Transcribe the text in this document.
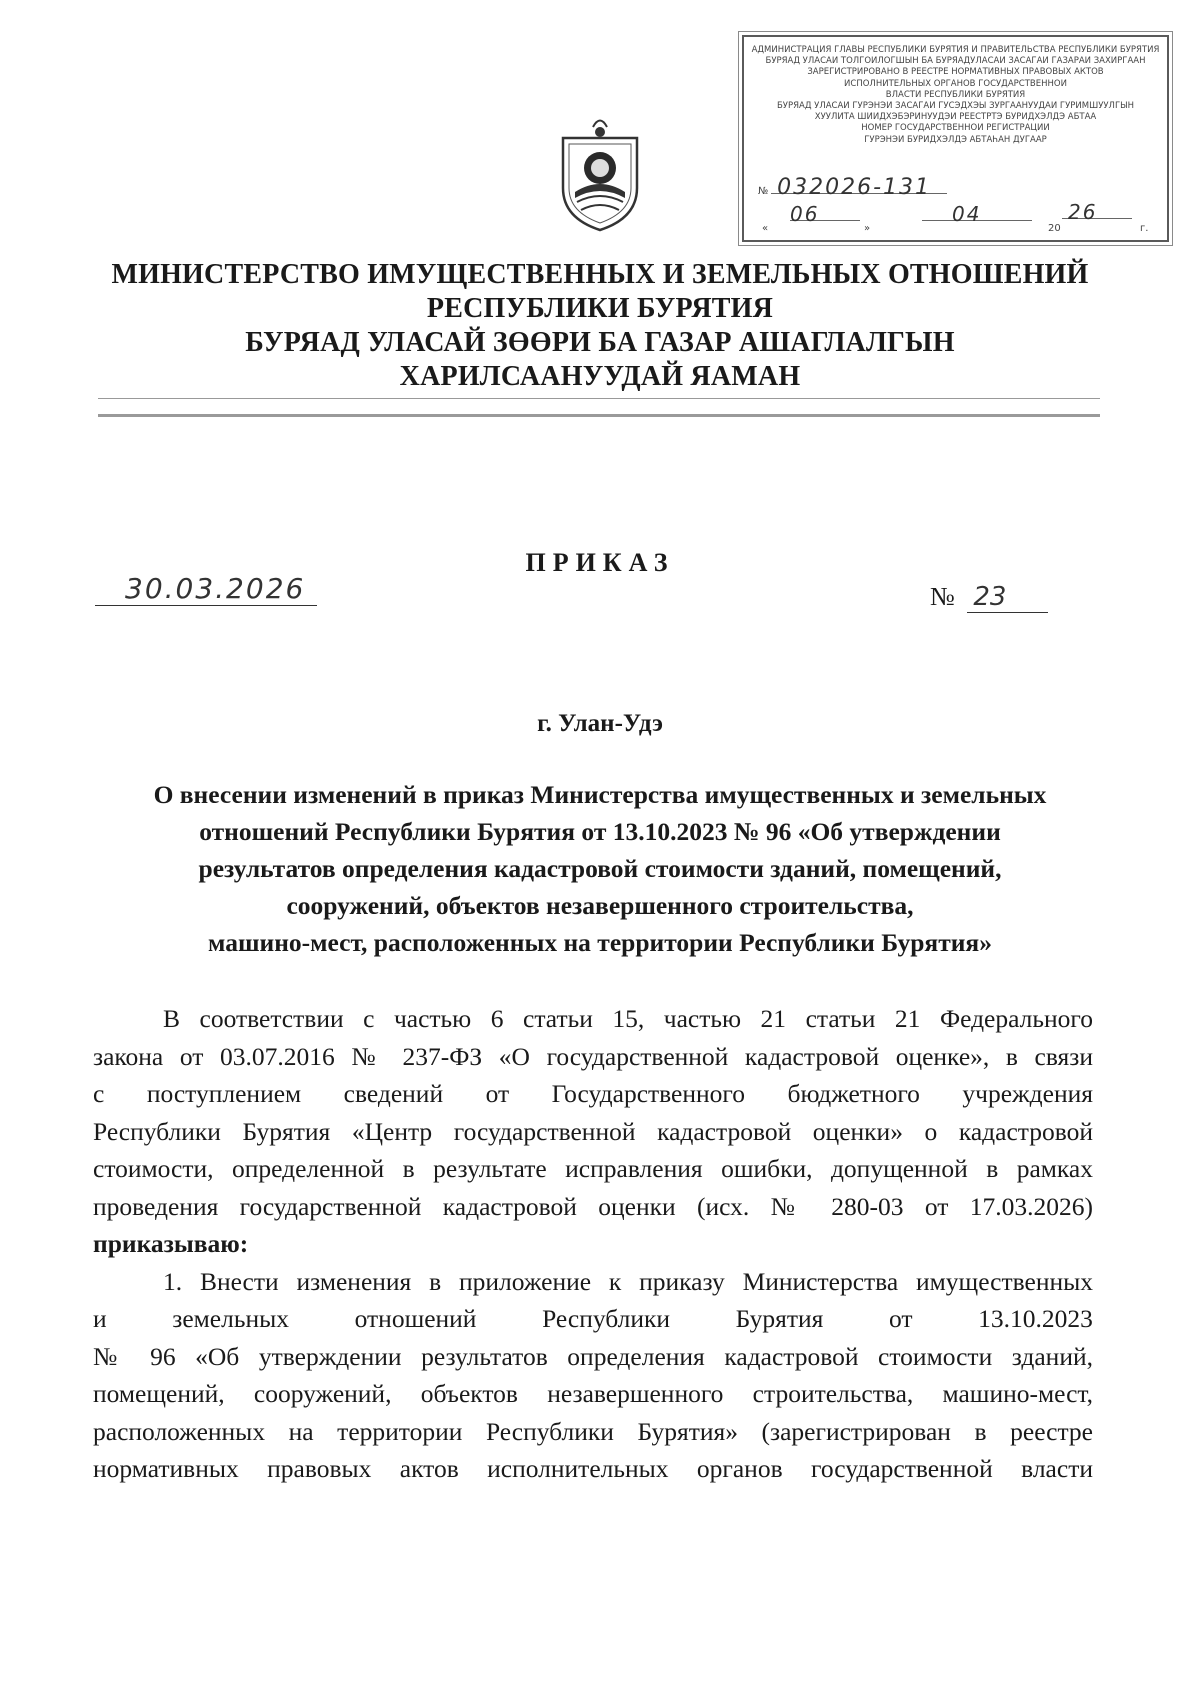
АДМИНИСТРАЦИЯ ГЛАВЫ РЕСПУБЛИКИ БУРЯТИЯ И ПРАВИТЕЛЬСТВА РЕСПУБЛИКИ БУРЯТИЯ
БУРЯАД УЛАСАЙ ТОЛГОЙЛОГШЫН БА БУРЯАДУЛАСАЙ ЗАСАГАЙ ГАЗАРАЙ ЗАХИРГААН
ЗАРЕГИСТРИРОВАНО В РЕЕСТРЕ НОРМАТИВНЫХ ПРАВОВЫХ АКТОВ
ИСПОЛНИТЕЛЬНЫХ ОРГАНОВ ГОСУДАРСТВЕННОЙ
ВЛАСТИ РЕСПУБЛИКИ БУРЯТИЯ
БУРЯАД УЛАСАЙ ГУРЭНЭЙ ЗАСАГАЙ ГУСЭДХЭЫ ЗУРГААНУУДАЙ ГУРИМШУУЛГЫН
ХУУЛИТА ШИИДХЭБЭРИНУУДЭЙ РЕЕСТРТЭ БУРИДХЭЛДЭ АБТАА
НОМЕР ГОСУДАРСТВЕННОЙ РЕГИСТРАЦИИ
ГУРЭНЭЙ БУРИДХЭЛДЭ АБТАҺАН ДУГААР
№ 032026-131
«
06
»
04
20
26
г.
МИНИСТЕРСТВО ИМУЩЕСТВЕННЫХ И ЗЕМЕЛЬНЫХ ОТНОШЕНИЙ
РЕСПУБЛИКИ БУРЯТИЯ
БУРЯАД УЛАСАЙ ЗӨӨРИ БА ГАЗАР АШАГЛАЛГЫН
ХАРИЛСААНУУДАЙ ЯАМАН
ПРИКАЗ
30.03.2026	№ 23
г. Улан-Удэ
О внесении изменений в приказ Министерства имущественных и земельных
отношений Республики Бурятия от 13.10.2023 № 96 «Об утверждении
результатов определения кадастровой стоимости зданий, помещений,
сооружений, объектов незавершенного строительства,
машино-мест, расположенных на территории Республики Бурятия»
В соответствии с частью 6 статьи 15, частью 21 статьи 21 Федерального
закона от 03.07.2016 № 237-ФЗ «О государственной кадастровой оценке», в связи
с поступлением сведений от Государственного бюджетного учреждения
Республики Бурятия «Центр государственной кадастровой оценки» о кадастровой
стоимости, определенной в результате исправления ошибки, допущенной в рамках
проведения государственной кадастровой оценки (исх. № 280-03 от 17.03.2026)
приказываю:
1. Внести изменения в приложение к приказу Министерства имущественных
и	земельных	отношений	Республики	Бурятия	от	13.10.2023
№ 96 «Об утверждении результатов определения кадастровой стоимости зданий,
помещений, сооружений, объектов незавершенного строительства, машино-мест,
расположенных на территории Республики Бурятия» (зарегистрирован в реестре
нормативных правовых актов исполнительных органов государственной власти
